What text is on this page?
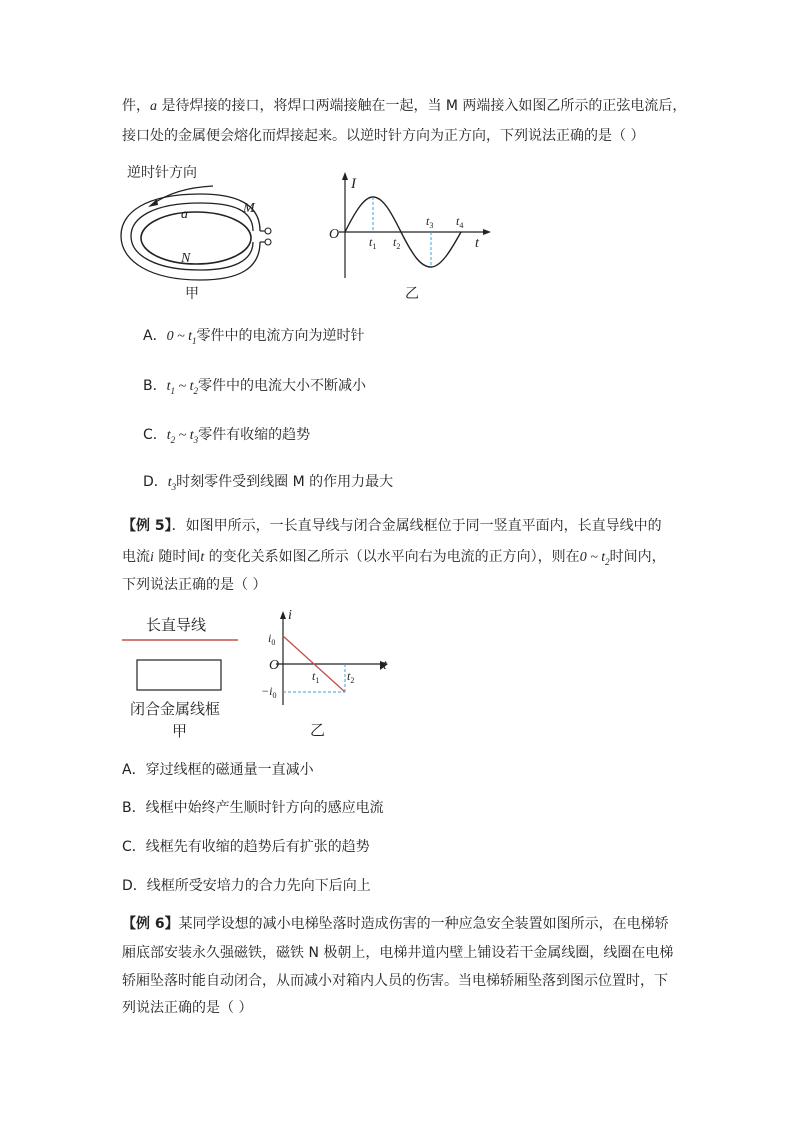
件，a 是待焊接的接口，将焊口两端接触在一起，当 M 两端接入如图乙所示的正弦电流后，
接口处的金属便会熔化而焊接起来。以逆时针方向为正方向，下列说法正确的是（ ）
逆时针方向
a	M
N
甲
I
O
t
$t_1$ $t_2$
$t_3$ $t_4$
乙
A．0 ~ $t_1$零件中的电流方向为逆时针
B．$t_1$ ~ $t_2$零件中的电流大小不断减小
C．$t_2$ ~ $t_3$零件有收缩的趋势
D．$t_3$时刻零件受到线圈 M 的作用力最大
【例 5】．如图甲所示，一长直导线与闭合金属线框位于同一竖直平面内，长直导线中的
电流i 随时间t 的变化关系如图乙所示（以水平向右为电流的正方向），则在0 ~ $t_2$时间内，
下列说法正确的是（ ）
长直导线
闭合金属线框
甲
i
$i_0$
O
$-i_0$
t
$t_1$ $t_2$
乙
A．穿过线框的磁通量一直减小
B．线框中始终产生顺时针方向的感应电流
C．线框先有收缩的趋势后有扩张的趋势
D．线框所受安培力的合力先向下后向上
【例 6】某同学设想的减小电梯坠落时造成伤害的一种应急安全装置如图所示，在电梯轿
厢底部安装永久强磁铁，磁铁 N 极朝上，电梯井道内壁上铺设若干金属线圈，线圈在电梯
轿厢坠落时能自动闭合，从而减小对箱内人员的伤害。当电梯轿厢坠落到图示位置时，下
列说法正确的是（ ）
